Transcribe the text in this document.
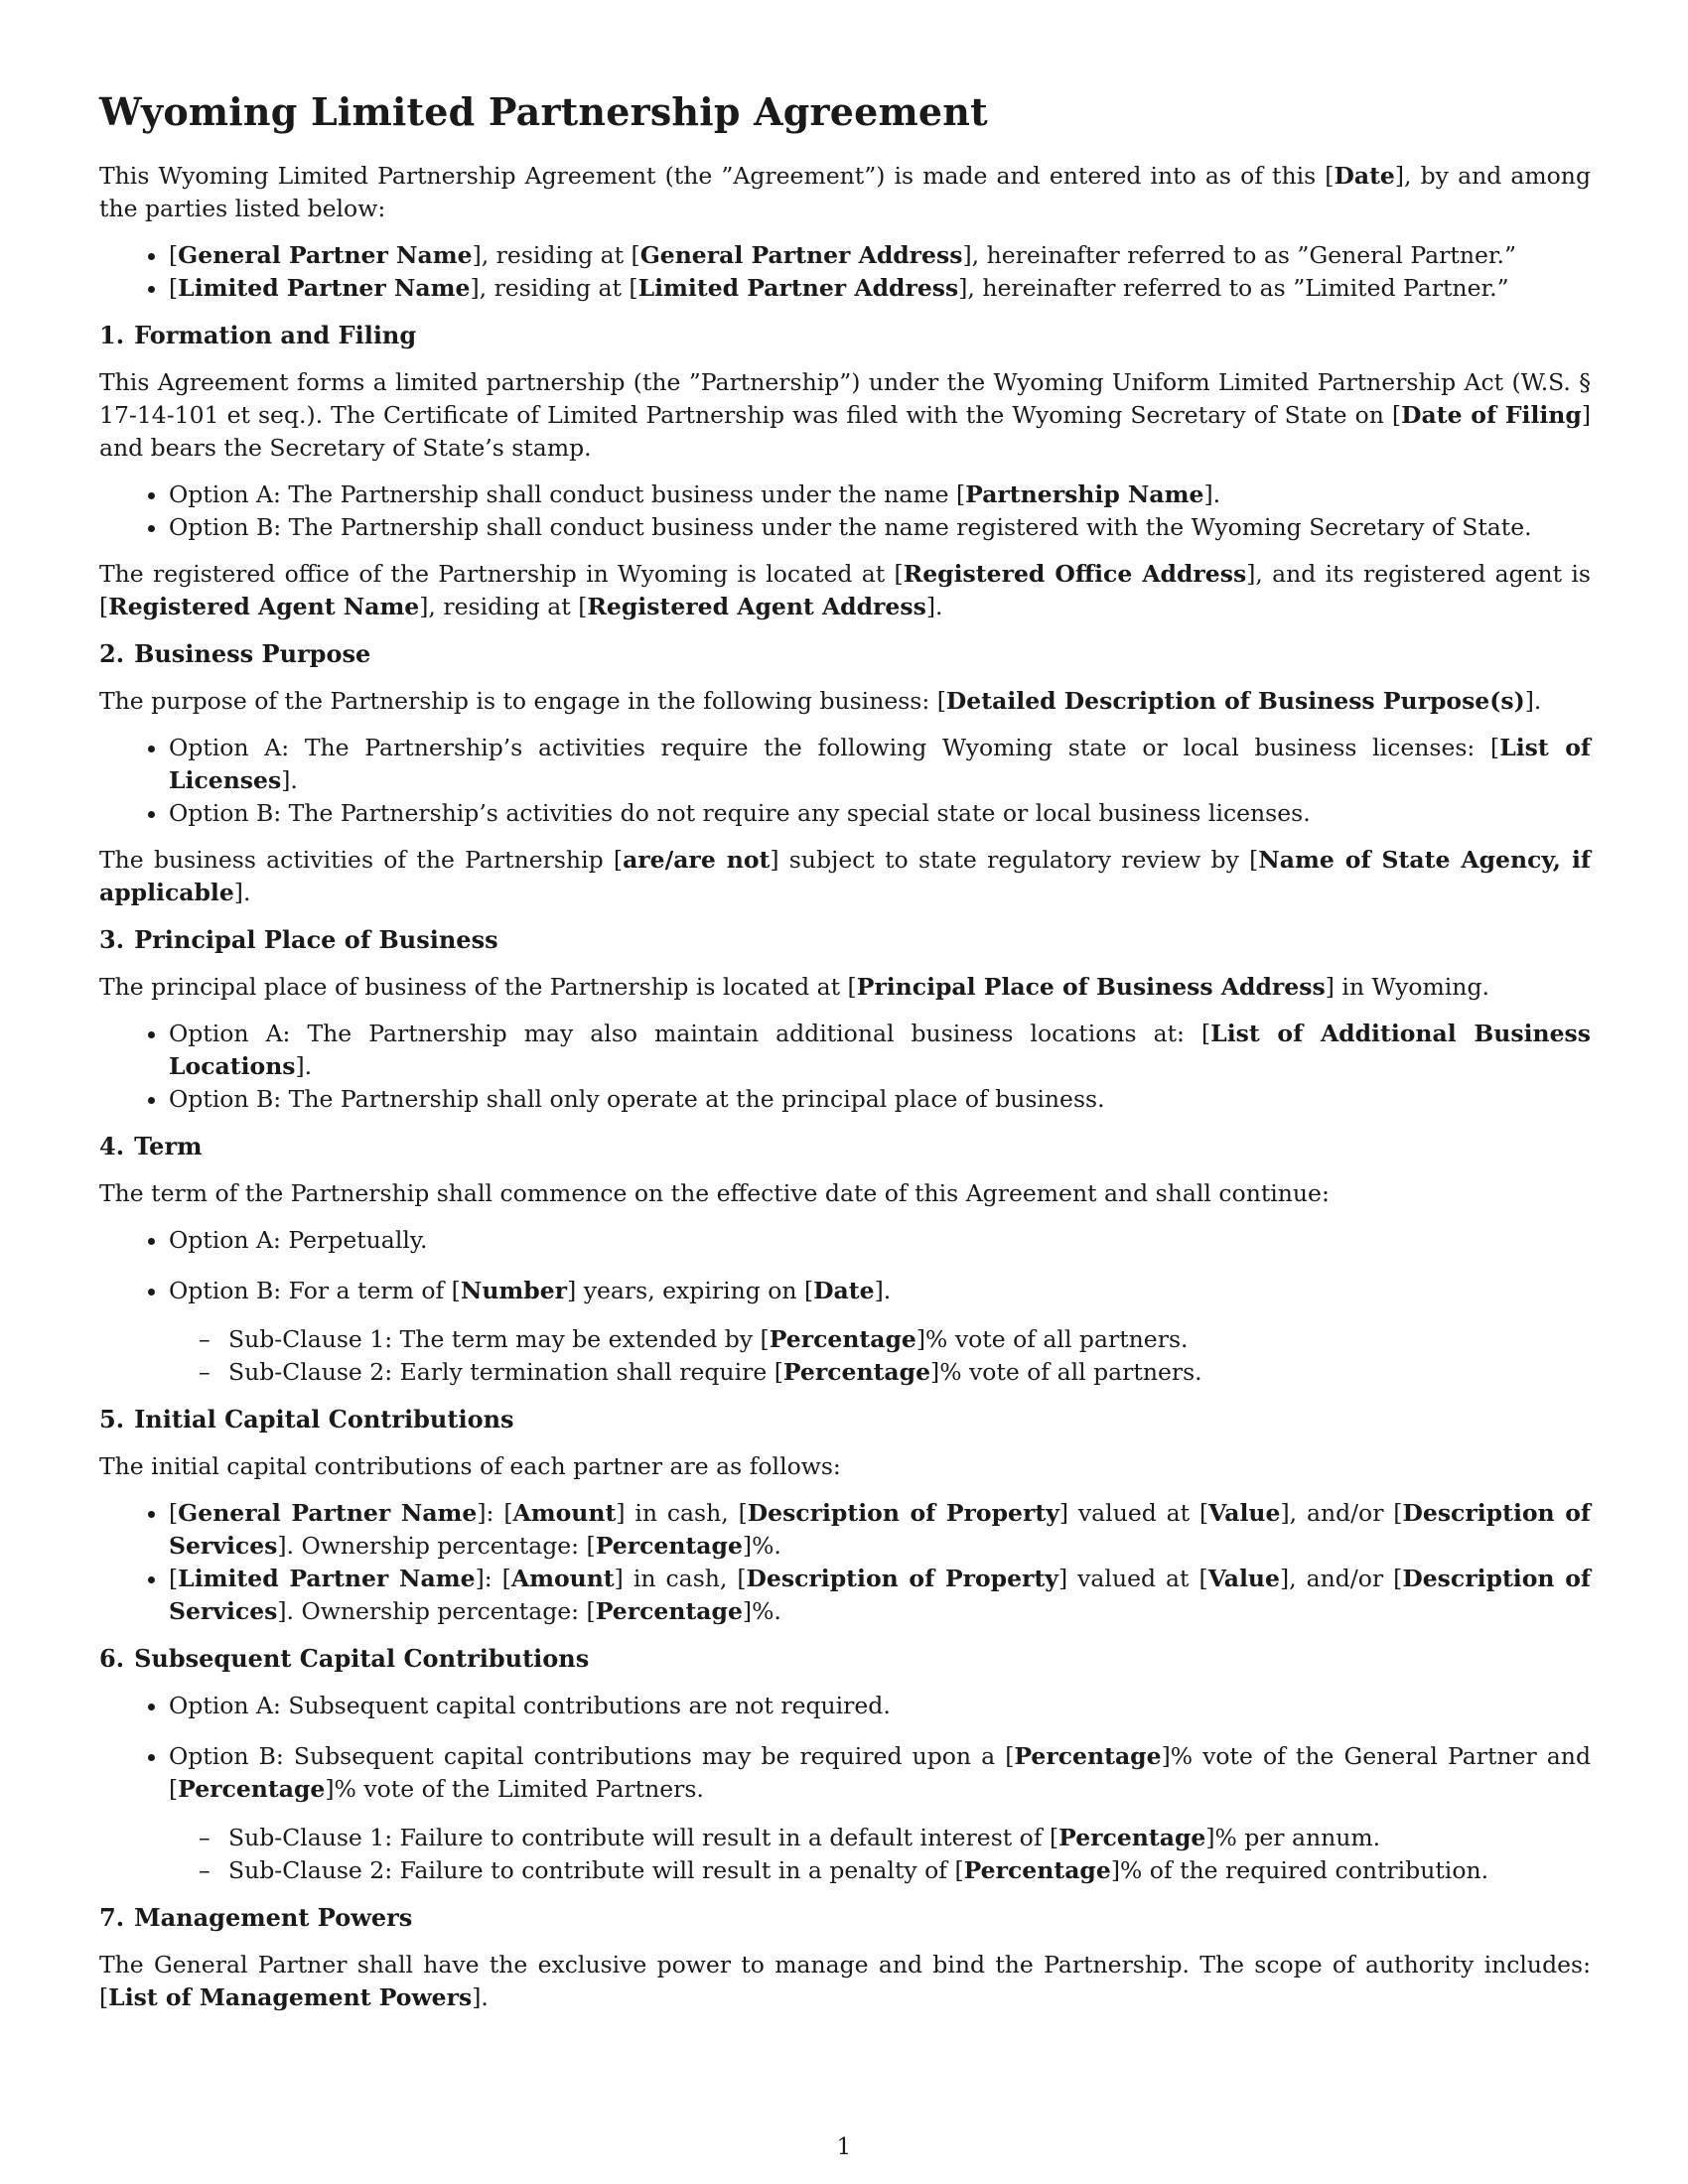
Wyoming Limited Partnership Agreement

This Wyoming Limited Partnership Agreement (the ”Agreement”) is made and entered into as of this [Date], by and among the parties listed below:

• [General Partner Name], residing at [General Partner Address], hereinafter referred to as ”General Partner.”
• [Limited Partner Name], residing at [Limited Partner Address], hereinafter referred to as ”Limited Partner.”
1. Formation and Filing

This Agreement forms a limited partnership (the ”Partnership”) under the Wyoming Uniform Limited Partnership Act (W.S. § 17-14-101 et seq.). The Certificate of Limited Partnership was filed with the Wyoming Secretary of State on [Date of Filing] and bears the Secretary of State’s stamp.

• Option A: The Partnership shall conduct business under the name [Partnership Name].
• Option B: The Partnership shall conduct business under the name registered with the Wyoming Secretary of State.

The registered office of the Partnership in Wyoming is located at [Registered Office Address], and its registered agent is [Registered Agent Name], residing at [Registered Agent Address].

2. Business Purpose

The purpose of the Partnership is to engage in the following business: [Detailed Description of Business Purpose(s)].

• Option A: The Partnership’s activities require the following Wyoming state or local business licenses: [List of Licenses].
• Option B: The Partnership’s activities do not require any special state or local business licenses.

The business activities of the Partnership [are/are not] subject to state regulatory review by [Name of State Agency, if applicable].

3. Principal Place of Business

The principal place of business of the Partnership is located at [Principal Place of Business Address] in Wyoming.

• Option A: The Partnership may also maintain additional business locations at: [List of Additional Business Locations].
• Option B: The Partnership shall only operate at the principal place of business.
4. Term

The term of the Partnership shall commence on the effective date of this Agreement and shall continue:

• Option A: Perpetually.
• Option B: For a term of [Number] years, expiring on [Date].
– Sub-Clause 1: The term may be extended by [Percentage]% vote of all partners.
– Sub-Clause 2: Early termination shall require [Percentage]% vote of all partners.
5. Initial Capital Contributions

The initial capital contributions of each partner are as follows:

• [General Partner Name]: [Amount] in cash, [Description of Property] valued at [Value], and/or [Description of Services]. Ownership percentage: [Percentage]%.
• [Limited Partner Name]: [Amount] in cash, [Description of Property] valued at [Value], and/or [Description of Services]. Ownership percentage: [Percentage]%.
6. Subsequent Capital Contributions
• Option A: Subsequent capital contributions are not required.
• Option B: Subsequent capital contributions may be required upon a [Percentage]% vote of the General Partner and [Percentage]% vote of the Limited Partners.
– Sub-Clause 1: Failure to contribute will result in a default interest of [Percentage]% per annum.
– Sub-Clause 2: Failure to contribute will result in a penalty of [Percentage]% of the required contribution.
7. Management Powers

The General Partner shall have the exclusive power to manage and bind the Partnership. The scope of authority includes: [List of Management Powers].

1
